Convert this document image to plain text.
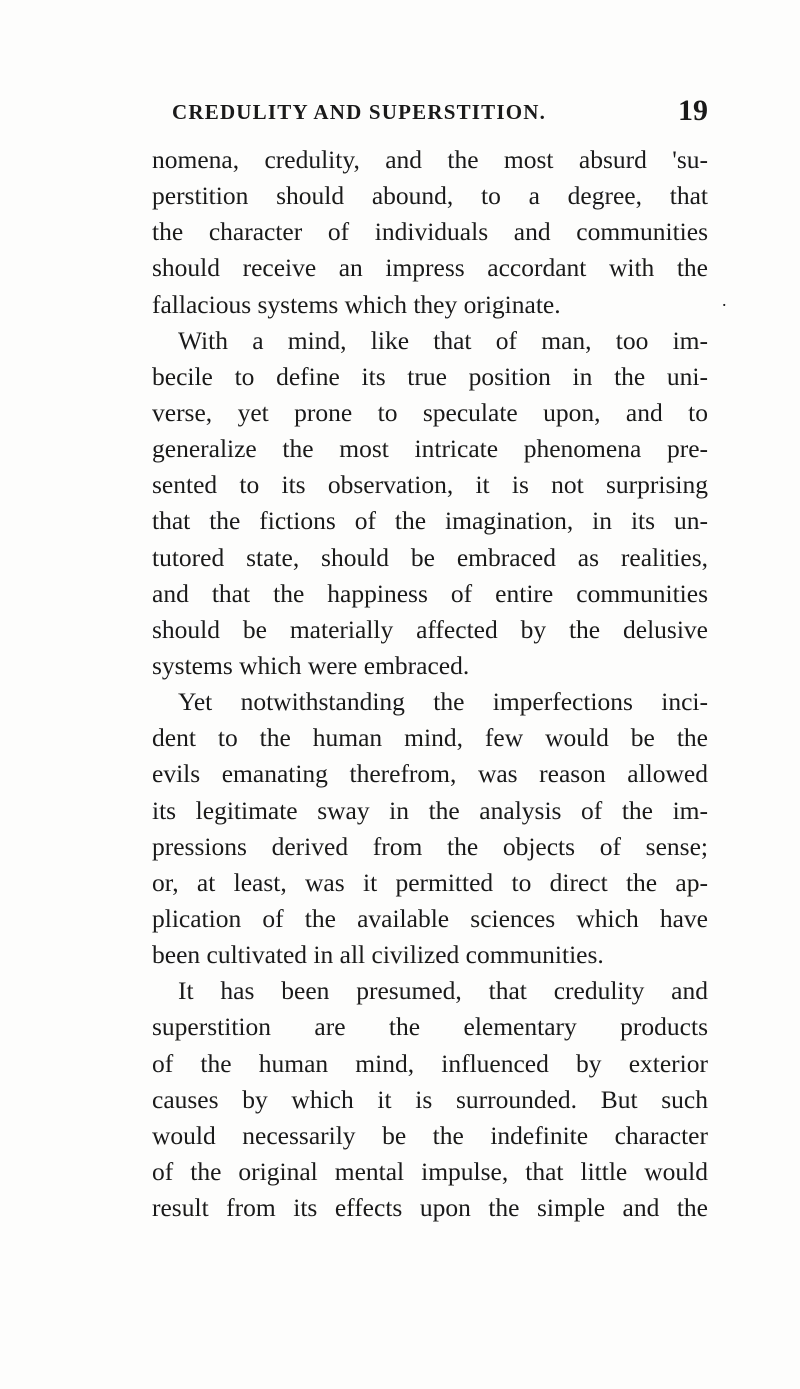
CREDULITY AND SUPERSTITION.	19
.
nomena, credulity, and the most absurd 'su-
perstition should abound, to a degree, that
the character of individuals and communities
should receive an impress accordant with the
fallacious systems which they originate.
With a mind, like that of man, too im-
becile to define its true position in the uni-
verse, yet prone to speculate upon, and to
generalize the most intricate phenomena pre-
sented to its observation, it is not surprising
that the fictions of the imagination, in its un-
tutored state, should be embraced as realities,
and that the happiness of entire communities
should be materially affected by the delusive
systems which were embraced.
Yet notwithstanding the imperfections inci-
dent to the human mind, few would be the
evils emanating therefrom, was reason allowed
its legitimate sway in the analysis of the im-
pressions derived from the objects of sense;
or, at least, was it permitted to direct the ap-
plication of the available sciences which have
been cultivated in all civilized communities.
It has been presumed, that credulity and
superstition are the elementary products
of the human mind, influenced by exterior
causes by which it is surrounded. But such
would necessarily be the indefinite character
of the original mental impulse, that little would
result from its effects upon the simple and the
